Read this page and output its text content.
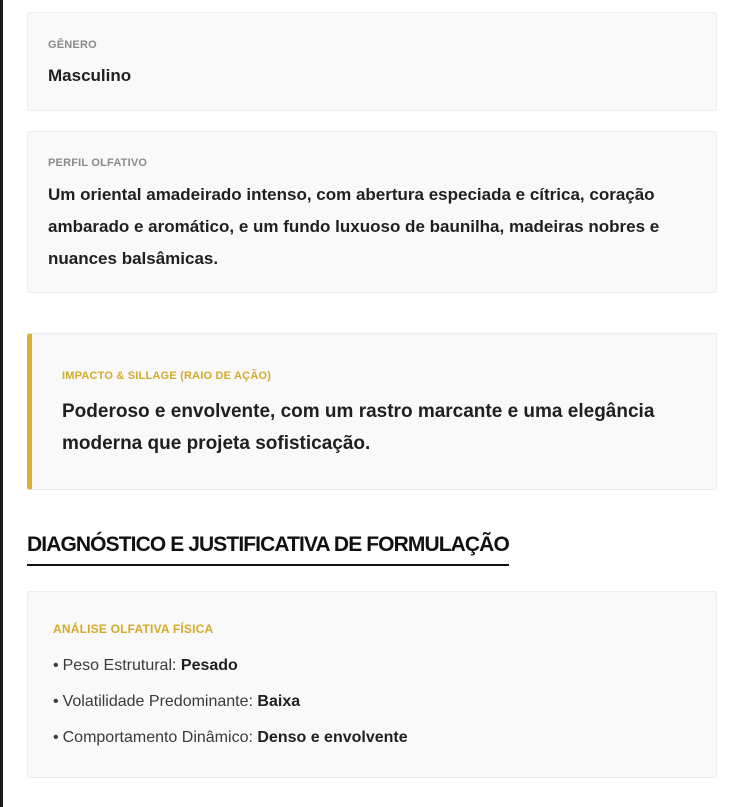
GÊNERO
Masculino
PERFIL OLFATIVO
Um oriental amadeirado intenso, com abertura especiada e cítrica, coração ambarado e aromático, e um fundo luxuoso de baunilha, madeiras nobres e nuances balsâmicas.
IMPACTO & SILLAGE (RAIO DE AÇÃO)
Poderoso e envolvente, com um rastro marcante e uma elegância moderna que projeta sofisticação.
DIAGNÓSTICO E JUSTIFICATIVA DE FORMULAÇÃO
ANÁLISE OLFATIVA FÍSICA
• Peso Estrutural: Pesado
• Volatilidade Predominante: Baixa
• Comportamento Dinâmico: Denso e envolvente
